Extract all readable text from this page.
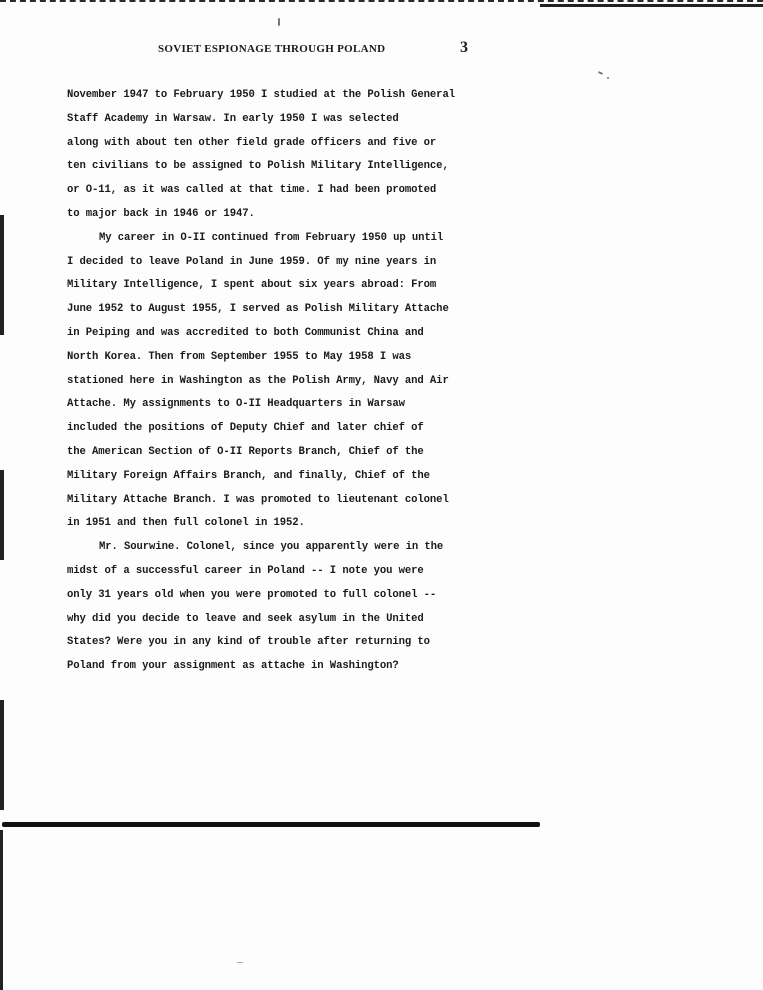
SOVIET ESPIONAGE THROUGH POLAND	3
November 1947 to February 1950 I studied at the Polish General
Staff Academy in Warsaw. In early 1950 I was selected
along with about ten other field grade officers and five or
ten civilians to be assigned to Polish Military Intelligence,
or O-11, as it was called at that time. I had been promoted
to major back in 1946 or 1947.
My career in O-II continued from February 1950 up until
I decided to leave Poland in June 1959. Of my nine years in
Military Intelligence, I spent about six years abroad: From
June 1952 to August 1955, I served as Polish Military Attache
in Peiping and was accredited to both Communist China and
North Korea. Then from September 1955 to May 1958 I was
stationed here in Washington as the Polish Army, Navy and Air
Attache. My assignments to O-II Headquarters in Warsaw
included the positions of Deputy Chief and later chief of
the American Section of O-II Reports Branch, Chief of the
Military Foreign Affairs Branch, and finally, Chief of the
Military Attache Branch. I was promoted to lieutenant colonel
in 1951 and then full colonel in 1952.
Mr. Sourwine. Colonel, since you apparently were in the
midst of a successful career in Poland -- I note you were
only 31 years old when you were promoted to full colonel --
why did you decide to leave and seek asylum in the United
States? Were you in any kind of trouble after returning to
Poland from your assignment as attache in Washington?
